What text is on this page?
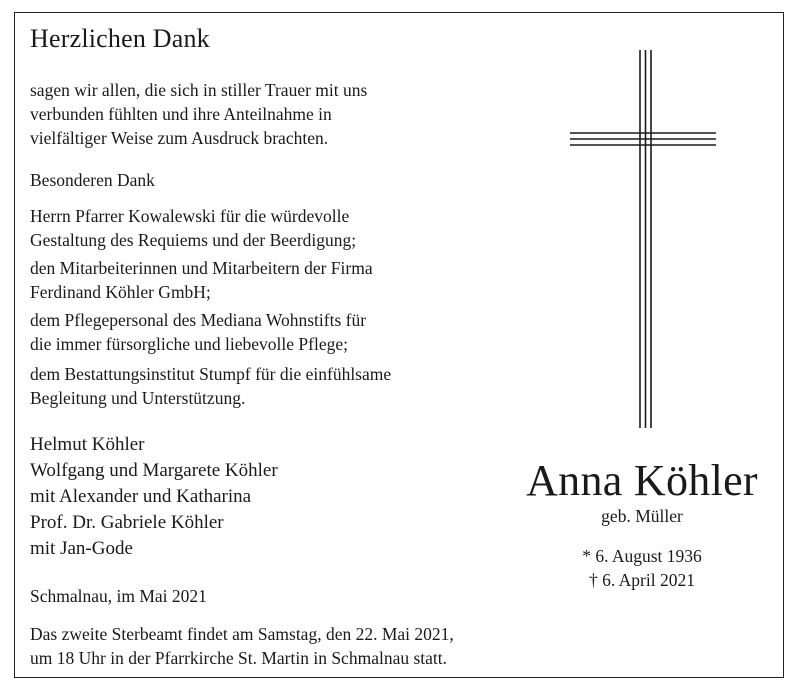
Herzlichen Dank

sagen wir allen, die sich in stiller Trauer mit uns
verbunden fühlten und ihre Anteilnahme in
vielfältiger Weise zum Ausdruck brachten.

Besonderen Dank

Herrn Pfarrer Kowalewski für die würdevolle
Gestaltung des Requiems und der Beerdigung;

den Mitarbeiterinnen und Mitarbeitern der Firma
Ferdinand Köhler GmbH;

dem Pflegepersonal des Mediana Wohnstifts für
die immer fürsorgliche und liebevolle Pflege;

dem Bestattungsinstitut Stumpf für die einfühlsame
Begleitung und Unterstützung.

Helmut Köhler
Wolfgang und Margarete Köhler
mit Alexander und Katharina
Prof. Dr. Gabriele Köhler
mit Jan-Gode

Schmalnau, im Mai 2021

Das zweite Sterbeamt findet am Samstag, den 22. Mai 2021,
um 18 Uhr in der Pfarrkirche St. Martin in Schmalnau statt.

Anna Köhler
geb. Müller
* 6. August 1936
† 6. April 2021
